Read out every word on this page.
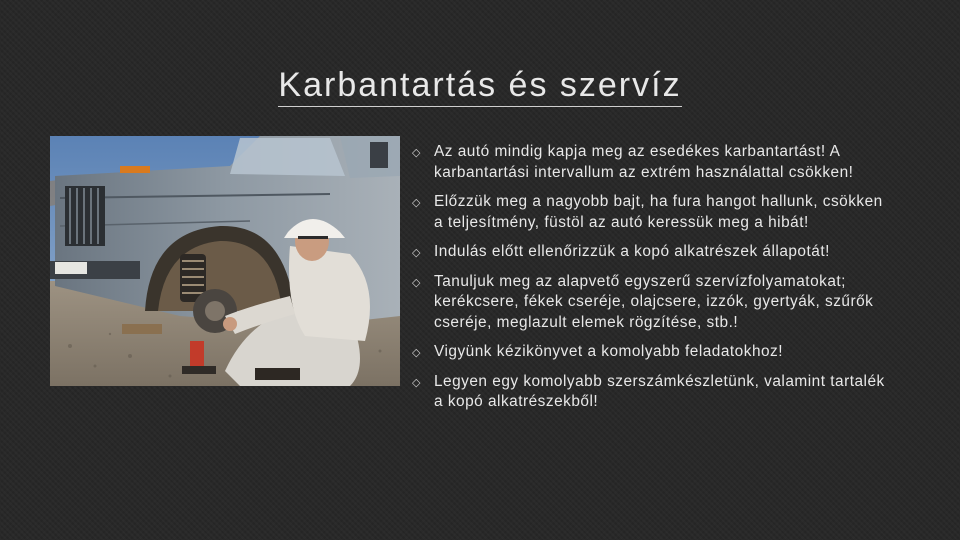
Karbantartás és szervíz
◇ Az autó mindig kapja meg az esedékes karbantartást! A karbantartási intervallum az extrém használattal csökken!
◇ Előzzük meg a nagyobb bajt, ha fura hangot hallunk, csökken a teljesítmény, füstöl az autó keressük meg a hibát!
◇ Indulás előtt ellenőrizzük a kopó alkatrészek állapotát!
◇ Tanuljuk meg az alapvető egyszerű szervízfolyamatokat; kerékcsere, fékek cseréje, olajcsere, izzók, gyertyák, szűrők cseréje, meglazult elemek rögzítése, stb.!
◇ Vigyünk kézikönyvet a komolyabb feladatokhoz!
◇ Legyen egy komolyabb szerszámkészletünk, valamint tartalék a kopó alkatrészekből!
